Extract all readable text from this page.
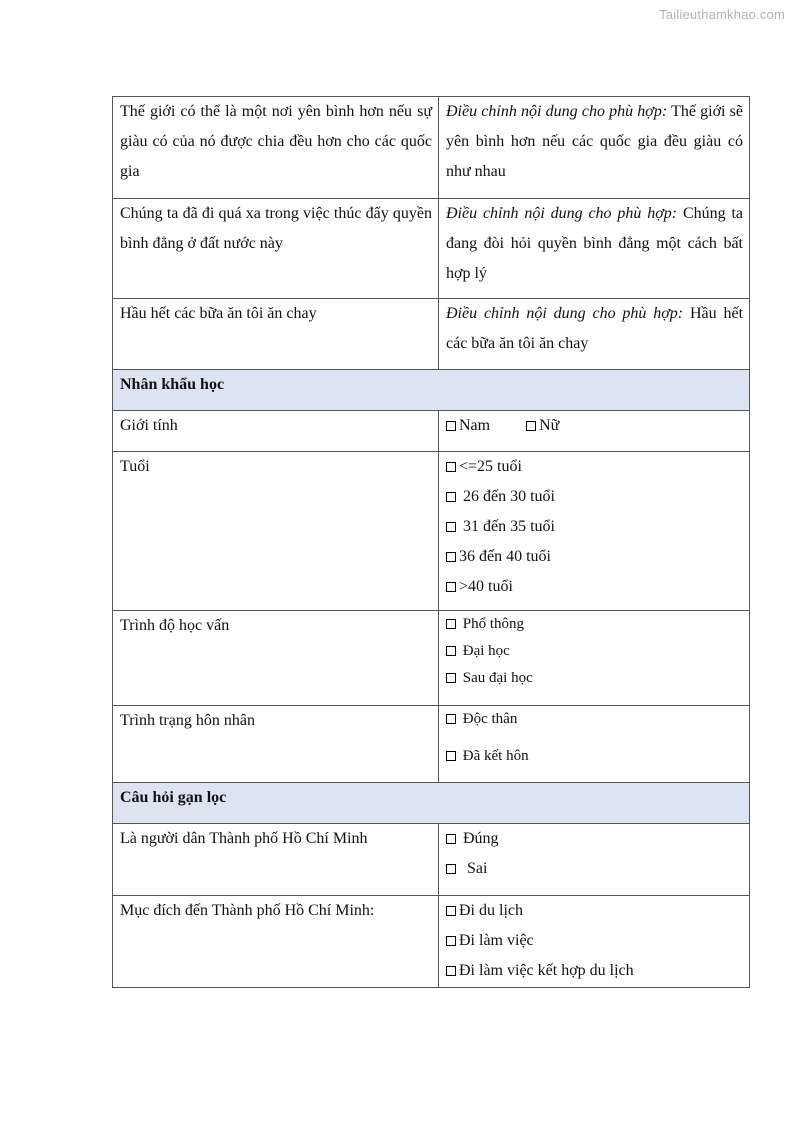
Tailieuthamkhao.com
Thế giới có thể là một nơi yên bình hơn nếu sự giàu có của nó được chia đều hơn cho các quốc gia	Điều chỉnh nội dung cho phù hợp: Thế giới sẽ yên bình hơn nếu các quốc gia đều giàu có như nhau
Chúng ta đã đi quá xa trong việc thúc đẩy quyền bình đẳng ở đất nước này	Điều chỉnh nội dung cho phù hợp: Chúng ta đang đòi hỏi quyền bình đẳng một cách bất hợp lý
Hầu hết các bữa ăn tôi ăn chay	Điều chỉnh nội dung cho phù hợp: Hầu hết các bữa ăn tôi ăn chay
Nhân khẩu học	
Giới tính	Nam Nữ
Tuổi	<=25 tuổi
26 đến 30 tuổi
31 đến 35 tuổi
36 đến 40 tuổi
>40 tuổi

Trình độ học vấn	Phổ thông
Đại học
Sau đại học

Trình trạng hôn nhân	Độc thân
Đã kết hôn

Câu hỏi gạn lọc	
Là người dân Thành phố Hồ Chí Minh	Đúng
Sai

Mục đích đến Thành phố Hồ Chí Minh:	Đi du lịch
Đi làm việc
Đi làm việc kết hợp du lịch
